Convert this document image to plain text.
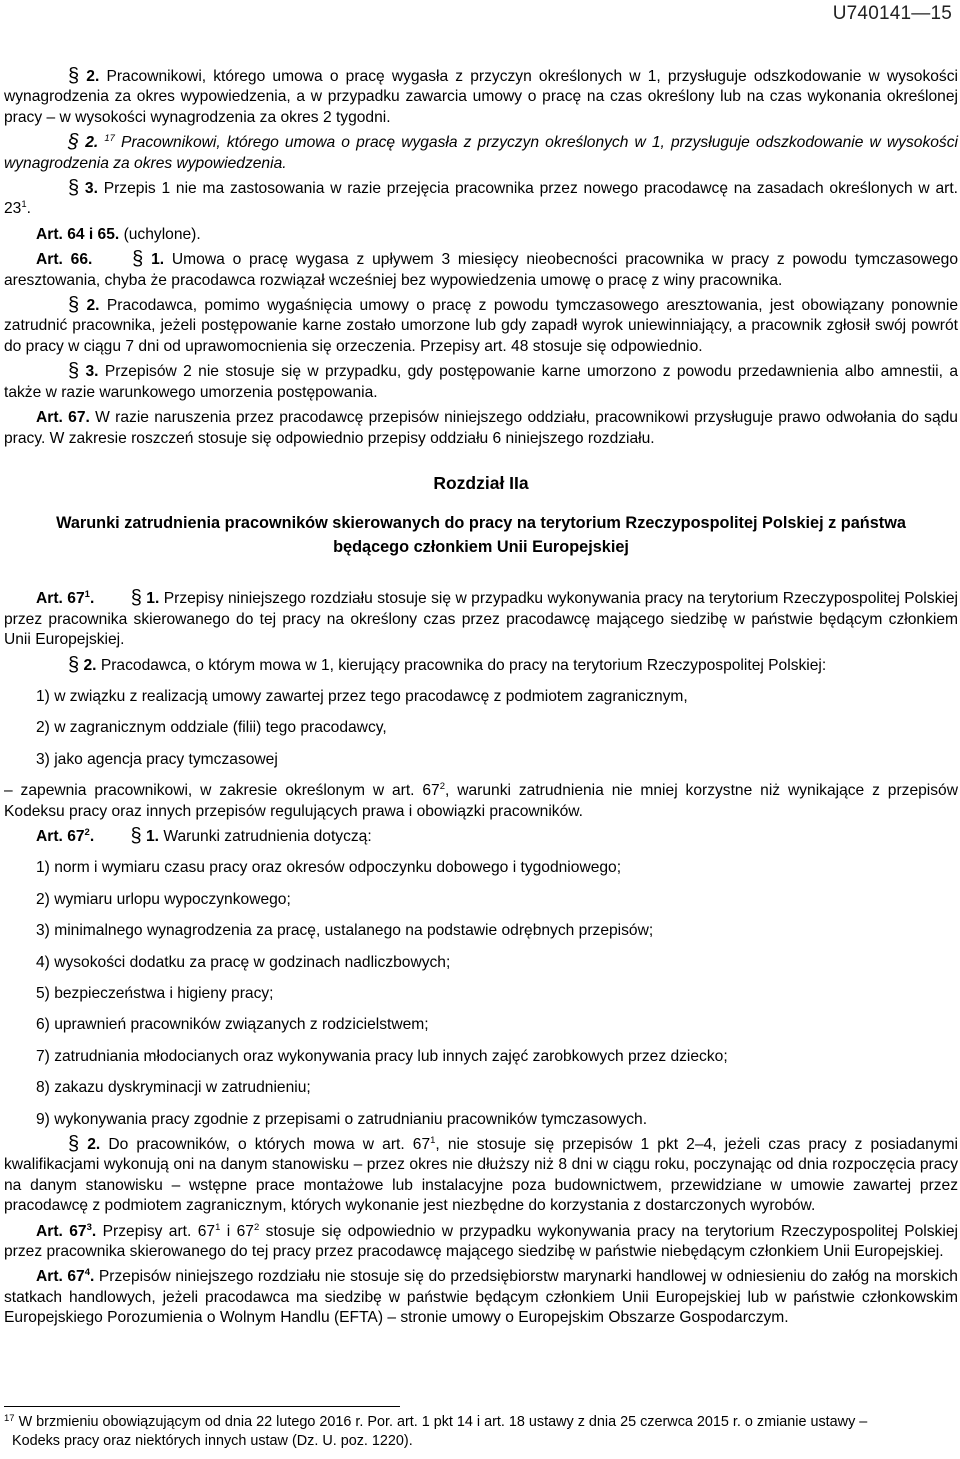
U740141—15

§ 2. Pracownikowi, którego umowa o pracę wygasła z przyczyn określonych w 1, przysługuje odszkodowanie w wysokości wynagrodzenia za okres wypowiedzenia, a w przypadku zawarcia umowy o pracę na czas określony lub na czas wykonania określonej pracy – w wysokości wynagrodzenia za okres 2 tygodni.

§ 2. $^{17}$ Pracownikowi, którego umowa o pracę wygasła z przyczyn określonych w 1, przysługuje odszkodowanie w wysokości wynagrodzenia za okres wypowiedzenia.

§ 3. Przepis 1 nie ma zastosowania w razie przejęcia pracownika przez nowego pracodawcę na zasadach określonych w art. $23^1$.

Art. 64 i 65. (uchylone).

Art. 66. § 1. Umowa o pracę wygasa z upływem 3 miesięcy nieobecności pracownika w pracy z powodu tymczasowego aresztowania, chyba że pracodawca rozwiązał wcześniej bez wypowiedzenia umowę o pracę z winy pracownika.

§ 2. Pracodawca, pomimo wygaśnięcia umowy o pracę z powodu tymczasowego aresztowania, jest obowiązany ponownie zatrudnić pracownika, jeżeli postępowanie karne zostało umorzone lub gdy zapadł wyrok uniewinniający, a pracownik zgłosił swój powrót do pracy w ciągu 7 dni od uprawomocnienia się orzeczenia. Przepisy art. 48 stosuje się odpowiednio.

§ 3. Przepisów 2 nie stosuje się w przypadku, gdy postępowanie karne umorzono z powodu przedawnienia albo amnestii, a także w razie warunkowego umorzenia postępowania.

Art. 67. W razie naruszenia przez pracodawcę przepisów niniejszego oddziału, pracownikowi przysługuje prawo odwołania do sądu pracy. W zakresie roszczeń stosuje się odpowiednio przepisy oddziału 6 niniejszego rozdziału.

Rozdział IIa
Warunki zatrudnienia pracowników skierowanych do pracy na terytorium Rzeczypospolitej Polskiej z państwa
będącego członkiem Unii Europejskiej

Art. $67^1$. § 1. Przepisy niniejszego rozdziału stosuje się w przypadku wykonywania pracy na terytorium Rzeczypospolitej Polskiej przez pracownika skierowanego do tej pracy na określony czas przez pracodawcę mającego siedzibę w państwie będącym członkiem Unii Europejskiej.

§ 2. Pracodawca, o którym mowa w 1, kierujący pracownika do pracy na terytorium Rzeczypospolitej Polskiej:

1) w związku z realizacją umowy zawartej przez tego pracodawcę z podmiotem zagranicznym,

2) w zagranicznym oddziale (filii) tego pracodawcy,

3) jako agencja pracy tymczasowej

– zapewnia pracownikowi, w zakresie określonym w art. $67^2$, warunki zatrudnienia nie mniej korzystne niż wynikające z przepisów Kodeksu pracy oraz innych przepisów regulujących prawa i obowiązki pracowników.

Art. $67^2$. § 1. Warunki zatrudnienia dotyczą:

1) norm i wymiaru czasu pracy oraz okresów odpoczynku dobowego i tygodniowego;

2) wymiaru urlopu wypoczynkowego;

3) minimalnego wynagrodzenia za pracę, ustalanego na podstawie odrębnych przepisów;

4) wysokości dodatku za pracę w godzinach nadliczbowych;

5) bezpieczeństwa i higieny pracy;

6) uprawnień pracowników związanych z rodzicielstwem;

7) zatrudniania młodocianych oraz wykonywania pracy lub innych zajęć zarobkowych przez dziecko;

8) zakazu dyskryminacji w zatrudnieniu;

9) wykonywania pracy zgodnie z przepisami o zatrudnianiu pracowników tymczasowych.

§ 2. Do pracowników, o których mowa w art. $67^1$, nie stosuje się przepisów 1 pkt 2–4, jeżeli czas pracy z posiadanymi kwalifikacjami wykonują oni na danym stanowisku – przez okres nie dłuższy niż 8 dni w ciągu roku, poczynając od dnia rozpoczęcia pracy na danym stanowisku – wstępne prace montażowe lub instalacyjne poza budownictwem, przewidziane w umowie zawartej przez pracodawcę z podmiotem zagranicznym, których wykonanie jest niezbędne do korzystania z dostarczonych wyrobów.

Art. $67^3$. Przepisy art. $67^1$ i $67^2$ stosuje się odpowiednio w przypadku wykonywania pracy na terytorium Rzeczypospolitej Polskiej przez pracownika skierowanego do tej pracy przez pracodawcę mającego siedzibę w państwie niebędącym członkiem Unii Europejskiej.

Art. $67^4$. Przepisów niniejszego rozdziału nie stosuje się do przedsiębiorstw marynarki handlowej w odniesieniu do załóg na morskich statkach handlowych, jeżeli pracodawca ma siedzibę w państwie będącym członkiem Unii Europejskiej lub w państwie członkowskim Europejskiego Porozumienia o Wolnym Handlu (EFTA) – stronie umowy o Europejskim Obszarze Gospodarczym.

$^{17}$ W brzmieniu obowiązującym od dnia 22 lutego 2016 r. Por. art. 1 pkt 14 i art. 18 ustawy z dnia 25 czerwca 2015 r. o zmianie ustawy –

Kodeks pracy oraz niektórych innych ustaw (Dz. U. poz. 1220).
